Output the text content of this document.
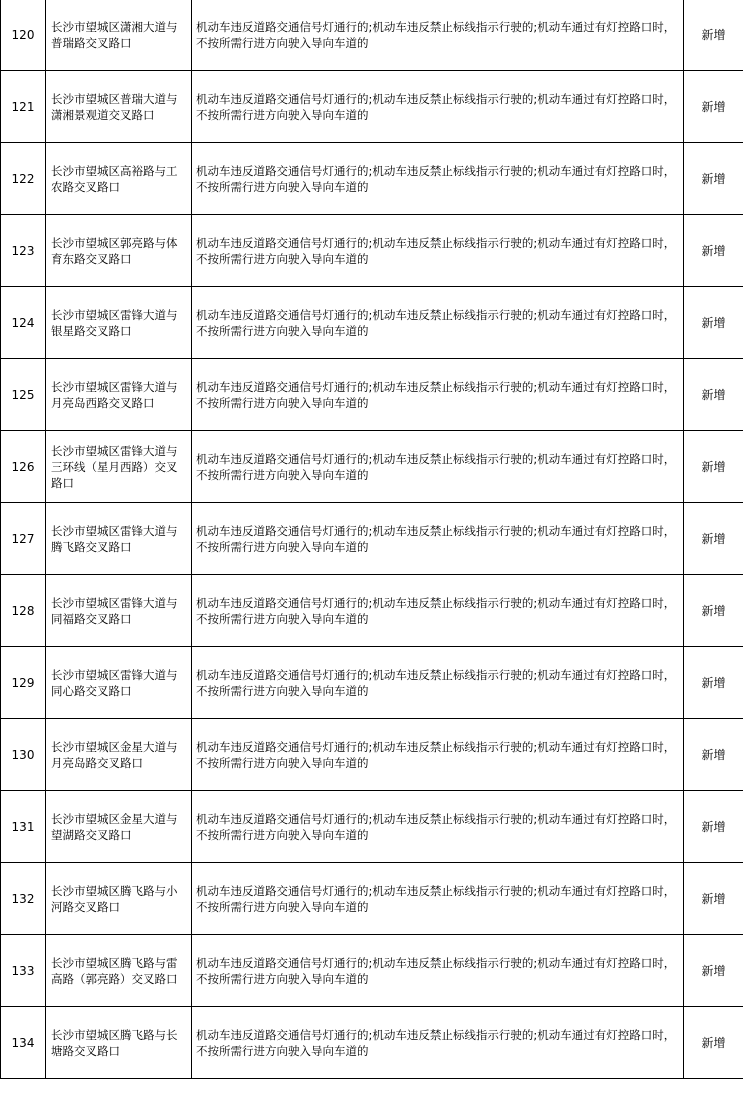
120	长沙市望城区潇湘大道与普瑞路交叉路口	机动车违反道路交通信号灯通行的;机动车违反禁止标线指示行驶的;机动车通过有灯控路口时，不按所需行进方向驶入导向车道的	新增
121	长沙市望城区普瑞大道与潇湘景观道交叉路口	机动车违反道路交通信号灯通行的;机动车违反禁止标线指示行驶的;机动车通过有灯控路口时，不按所需行进方向驶入导向车道的	新增
122	长沙市望城区高裕路与工农路交叉路口	机动车违反道路交通信号灯通行的;机动车违反禁止标线指示行驶的;机动车通过有灯控路口时，不按所需行进方向驶入导向车道的	新增
123	长沙市望城区郭亮路与体育东路交叉路口	机动车违反道路交通信号灯通行的;机动车违反禁止标线指示行驶的;机动车通过有灯控路口时，不按所需行进方向驶入导向车道的	新增
124	长沙市望城区雷锋大道与银星路交叉路口	机动车违反道路交通信号灯通行的;机动车违反禁止标线指示行驶的;机动车通过有灯控路口时，不按所需行进方向驶入导向车道的	新增
125	长沙市望城区雷锋大道与月亮岛西路交叉路口	机动车违反道路交通信号灯通行的;机动车违反禁止标线指示行驶的;机动车通过有灯控路口时，不按所需行进方向驶入导向车道的	新增
126	长沙市望城区雷锋大道与三环线（星月西路）交叉路口	机动车违反道路交通信号灯通行的;机动车违反禁止标线指示行驶的;机动车通过有灯控路口时，不按所需行进方向驶入导向车道的	新增
127	长沙市望城区雷锋大道与腾飞路交叉路口	机动车违反道路交通信号灯通行的;机动车违反禁止标线指示行驶的;机动车通过有灯控路口时，不按所需行进方向驶入导向车道的	新增
128	长沙市望城区雷锋大道与同福路交叉路口	机动车违反道路交通信号灯通行的;机动车违反禁止标线指示行驶的;机动车通过有灯控路口时，不按所需行进方向驶入导向车道的	新增
129	长沙市望城区雷锋大道与同心路交叉路口	机动车违反道路交通信号灯通行的;机动车违反禁止标线指示行驶的;机动车通过有灯控路口时，不按所需行进方向驶入导向车道的	新增
130	长沙市望城区金星大道与月亮岛路交叉路口	机动车违反道路交通信号灯通行的;机动车违反禁止标线指示行驶的;机动车通过有灯控路口时，不按所需行进方向驶入导向车道的	新增
131	长沙市望城区金星大道与望湖路交叉路口	机动车违反道路交通信号灯通行的;机动车违反禁止标线指示行驶的;机动车通过有灯控路口时，不按所需行进方向驶入导向车道的	新增
132	长沙市望城区腾飞路与小河路交叉路口	机动车违反道路交通信号灯通行的;机动车违反禁止标线指示行驶的;机动车通过有灯控路口时，不按所需行进方向驶入导向车道的	新增
133	长沙市望城区腾飞路与雷高路（郭亮路）交叉路口	机动车违反道路交通信号灯通行的;机动车违反禁止标线指示行驶的;机动车通过有灯控路口时，不按所需行进方向驶入导向车道的	新增
134	长沙市望城区腾飞路与长塘路交叉路口	机动车违反道路交通信号灯通行的;机动车违反禁止标线指示行驶的;机动车通过有灯控路口时，不按所需行进方向驶入导向车道的	新增
